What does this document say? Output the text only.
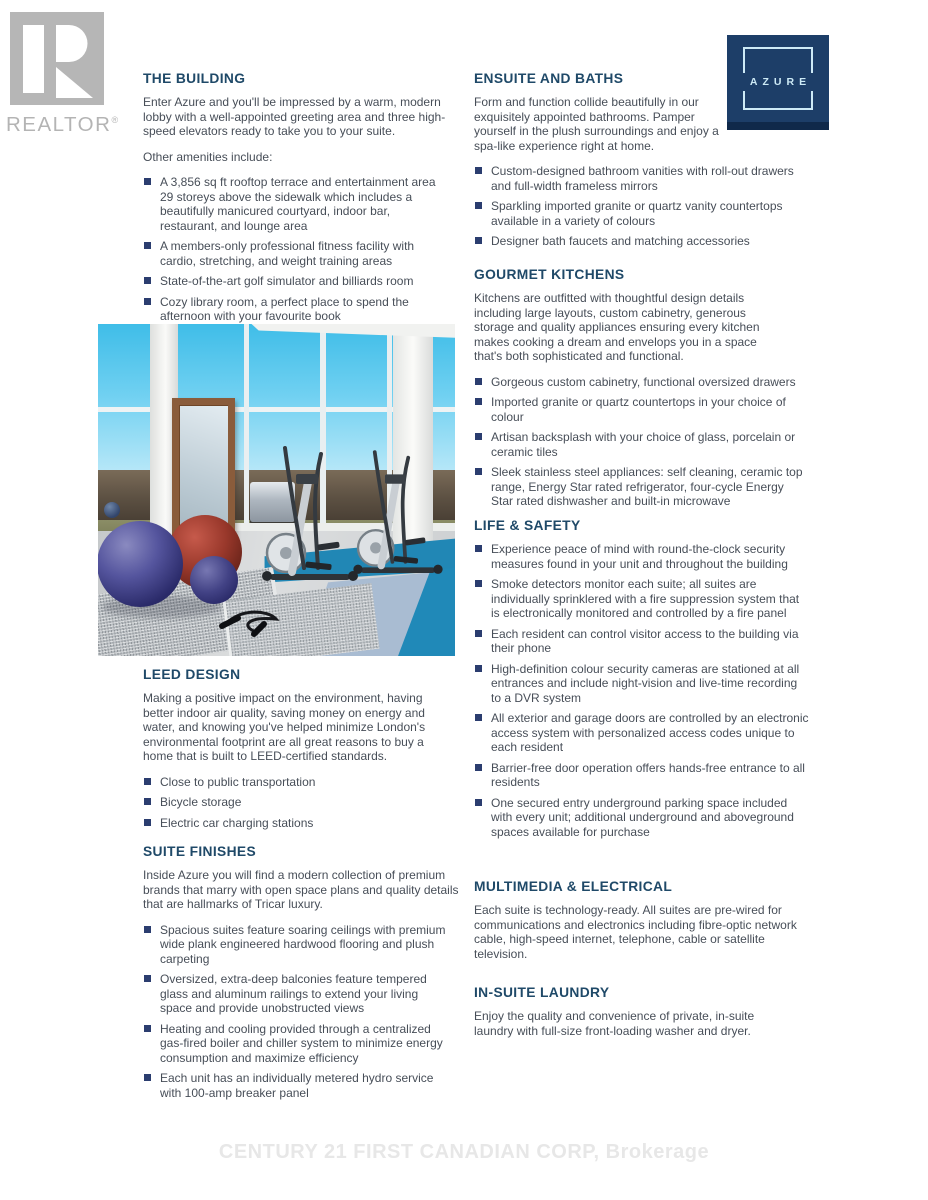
REALTOR®
AZURE
THE BUILDING

Enter Azure and you'll be impressed by a warm, modern lobby with a well-appointed greeting area and three high-speed elevators ready to take you to your suite.

Other amenities include:

A 3,856 sq ft rooftop terrace and entertainment area 29 storeys above the sidewalk which includes a beautifully manicured courtyard, indoor bar, restaurant, and lounge area
A members-only professional fitness facility with cardio, stretching, and weight training areas
State-of-the-art golf simulator and billiards room
Cozy library room, a perfect place to spend the afternoon with your favourite book
LEED DESIGN

Making a positive impact on the environment, having better indoor air quality, saving money on energy and water, and knowing you've helped minimize London's environmental footprint are all great reasons to buy a home that is built to LEED-certified standards.

Close to public transportation
Bicycle storage
Electric car charging stations
SUITE FINISHES

Inside Azure you will find a modern collection of premium brands that marry with open space plans and quality details that are hallmarks of Tricar luxury.

Spacious suites feature soaring ceilings with premium wide plank engineered hardwood flooring and plush carpeting
Oversized, extra-deep balconies feature tempered glass and aluminum railings to extend your living space and provide unobstructed views
Heating and cooling provided through a centralized gas-fired boiler and chiller system to minimize energy consumption and maximize efficiency
Each unit has an individually metered hydro service with 100-amp breaker panel
ENSUITE AND BATHS

Form and function collide beautifully in our exquisitely appointed bathrooms. Pamper yourself in the plush surroundings and enjoy a spa-like experience right at home.

Custom-designed bathroom vanities with roll-out drawers and full-width frameless mirrors
Sparkling imported granite or quartz vanity countertops available in a variety of colours
Designer bath faucets and matching accessories
GOURMET KITCHENS

Kitchens are outfitted with thoughtful design details including large layouts, custom cabinetry, generous storage and quality appliances ensuring every kitchen makes cooking a dream and envelops you in a space that's both sophisticated and functional.

Gorgeous custom cabinetry, functional oversized drawers
Imported granite or quartz countertops in your choice of colour
Artisan backsplash with your choice of glass, porcelain or ceramic tiles
Sleek stainless steel appliances: self cleaning, ceramic top range, Energy Star rated refrigerator, four-cycle Energy Star rated dishwasher and built-in microwave
LIFE & SAFETY
Experience peace of mind with round-the-clock security measures found in your unit and throughout the building
Smoke detectors monitor each suite; all suites are individually sprinklered with a fire suppression system that is electronically monitored and controlled by a fire panel
Each resident can control visitor access to the building via their phone
High-definition colour security cameras are stationed at all entrances and include night-vision and live-time recording to a DVR system
All exterior and garage doors are controlled by an electronic access system with personalized access codes unique to each resident
Barrier-free door operation offers hands-free entrance to all residents
One secured entry underground parking space included with every unit; additional underground and aboveground spaces available for purchase
MULTIMEDIA & ELECTRICAL

Each suite is technology-ready. All suites are pre-wired for communications and electronics including fibre-optic network cable, high-speed internet, telephone, cable or satellite television.

IN-SUITE LAUNDRY

Enjoy the quality and convenience of private, in-suite laundry with full-size front-loading washer and dryer.

CENTURY 21 FIRST CANADIAN CORP, Brokerage
